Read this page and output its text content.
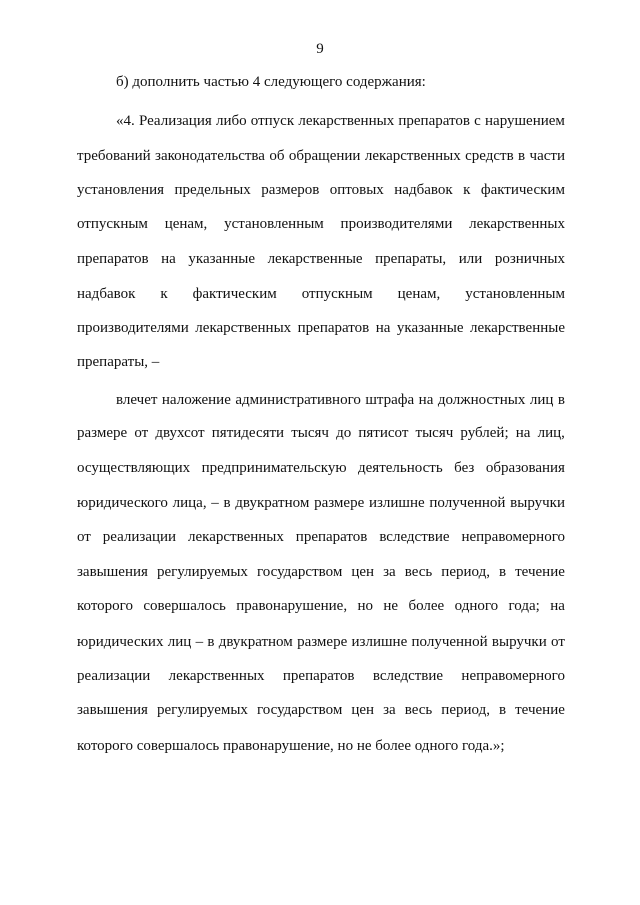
9
б) дополнить частью 4 следующего содержания:
«4. Реализация либо отпуск лекарственных препаратов с нарушением
требований законодательства об обращении лекарственных средств в части
установления предельных размеров оптовых надбавок к фактическим
отпускным ценам, установленным производителями лекарственных
препаратов на указанные лекарственные препараты, или розничных
надбавок к фактическим отпускным ценам, установленным
производителями лекарственных препаратов на указанные лекарственные
препараты, –
влечет наложение административного штрафа на должностных лиц в
размере от двухсот пятидесяти тысяч до пятисот тысяч рублей; на лиц,
осуществляющих предпринимательскую деятельность без образования
юридического лица, – в двукратном размере излишне полученной выручки
от реализации лекарственных препаратов вследствие неправомерного
завышения регулируемых государством цен за весь период, в течение
которого совершалось правонарушение, но не более одного года; на
юридических лиц – в двукратном размере излишне полученной выручки от
реализации лекарственных препаратов вследствие неправомерного
завышения регулируемых государством цен за весь период, в течение
которого совершалось правонарушение, но не более одного года.»;
